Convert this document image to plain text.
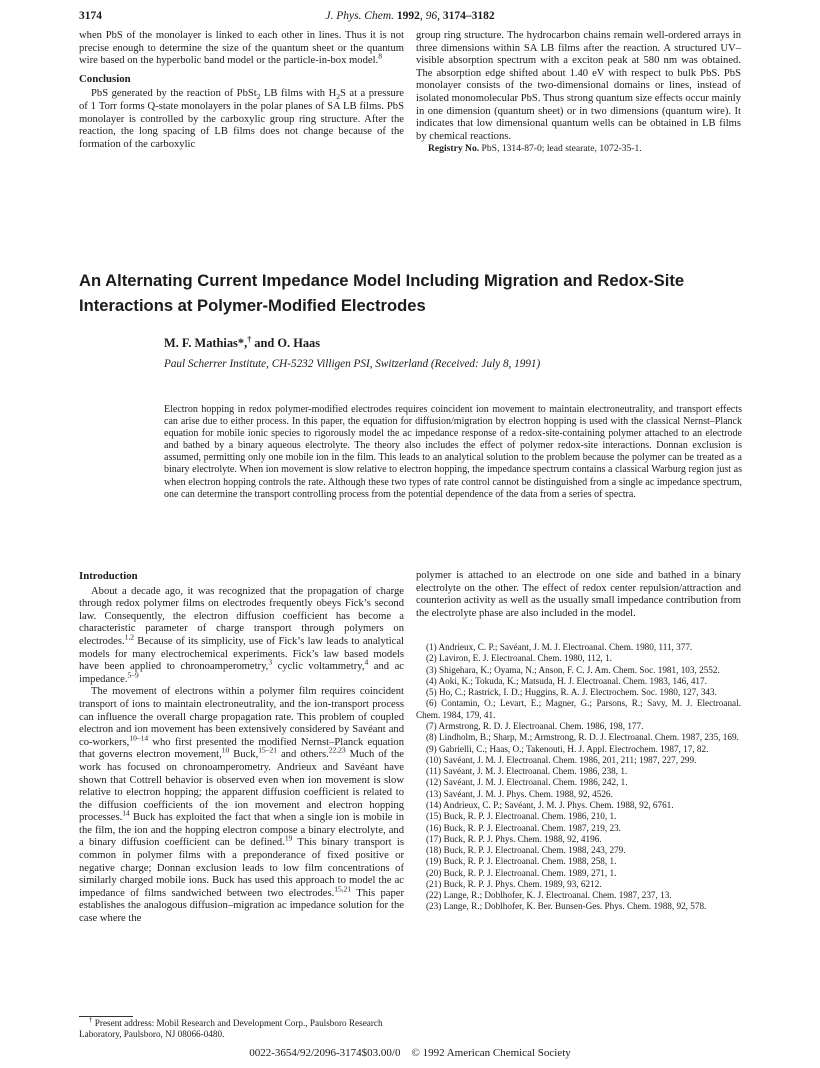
3174	J. Phys. Chem. 1992, 96, 3174–3182

when PbS of the monolayer is linked to each other in lines. Thus it is not precise enough to determine the size of the quantum sheet or the quantum wire based on the hyperbolic band model or the particle-in-box model.$^8$

Conclusion

PbS generated by the reaction of PbSt$_2$ LB films with $H_2S$ at a pressure of 1 Torr forms Q-state monolayers in the polar planes of SA LB films. PbS monolayer is controlled by the carboxylic group ring structure. After the reaction, the long spacing of LB films does not change because of the formation of the carboxylic

group ring structure. The hydrocarbon chains remain well-ordered arrays in three dimensions within SA LB films after the reaction. A structured UV–visible absorption spectrum with a exciton peak at 580 nm was obtained. The absorption edge shifted about 1.40 eV with respect to bulk PbS. PbS monolayer consists of the two-dimensional domains or lines, instead of isolated monomolecular PbS. Thus strong quantum size effects occur mainly in one dimension (quantum sheet) or in two dimensions (quantum wire). It indicates that low dimensional quantum wells can be obtained in LB films by chemical reactions.

Registry No. PbS, 1314-87-0; lead stearate, 1072-35-1.

An Alternating Current Impedance Model Including Migration and Redox-Site
Interactions at Polymer-Modified Electrodes
M. F. Mathias*,† and O. Haas
Paul Scherrer Institute, CH-5232 Villigen PSI, Switzerland (Received: July 8, 1991)

Electron hopping in redox polymer-modified electrodes requires coincident ion movement to maintain electroneutrality, and transport effects can arise due to either process. In this paper, the equation for diffusion/migration by electron hopping is used with the classical Nernst–Planck equation for mobile ionic species to rigorously model the ac impedance response of a redox-site-containing polymer attached to an electrode and bathed by a binary aqueous electrolyte. The theory also includes the effect of polymer redox-site interactions. Donnan exclusion is assumed, permitting only one mobile ion in the film. This leads to an analytical solution to the problem because the polymer can be treated as a binary electrolyte. When ion movement is slow relative to electron hopping, the impedance spectrum contains a classical Warburg region just as when electron hopping controls the rate. Although these two types of rate control cannot be distinguished from a single ac impedance spectrum, one can determine the transport controlling process from the potential dependence of the data from a series of spectra.

Introduction

About a decade ago, it was recognized that the propagation of charge through redox polymer films on electrodes frequently obeys Fick’s second law. Consequently, the electron diffusion coefficient has become a characteristic parameter of charge transport through polymers on electrodes.$^{1,2}$ Because of its simplicity, use of Fick’s law leads to analytical models for many electrochemical experiments. Fick’s law based models have been applied to chronoamperometry,$^3$ cyclic voltammetry,$^4$ and ac impedance.$^{5-9}$

The movement of electrons within a polymer film requires coincident transport of ions to maintain electroneutrality, and the ion-transport process can influence the overall charge propagation rate. This problem of coupled electron and ion movement has been extensively considered by Savéant and co-workers,$^{10-14}$ who first presented the modified Nernst–Planck equation that governs electron movement,$^{10}$ Buck,$^{15-21}$ and others.$^{22,23}$ Much of the work has focused on chronoamperometry. Andrieux and Savéant have shown that Cottrell behavior is observed even when ion movement is slow relative to electron hopping; the apparent diffusion coefficient is related to the diffusion coefficients of the ion movement and electron hopping processes.$^{14}$ Buck has exploited the fact that when a single ion is mobile in the film, the ion and the hopping electron compose a binary electrolyte, and a binary diffusion coefficient can be defined.$^{19}$ This binary transport is common in polymer films with a preponderance of fixed positive or negative charge; Donnan exclusion leads to low film concentrations of similarly charged mobile ions. Buck has used this approach to model the ac impedance of films sandwiched between two electrodes.$^{15,21}$ This paper establishes the analogous diffusion–migration ac impedance solution for the case where the

polymer is attached to an electrode on one side and bathed in a binary electrolyte on the other. The effect of redox center repulsion/attraction and counterion activity as well as the usually small impedance contribution from the electrolyte phase are also included in the model.

(1) Andrieux, C. P.; Savéant, J. M. J. Electroanal. Chem. 1980, 111, 377.
(2) Laviron, E. J. Electroanal. Chem. 1980, 112, 1.
(3) Shigehara, K.; Oyama, N.; Anson, F. C. J. Am. Chem. Soc. 1981, 103, 2552.
(4) Aoki, K.; Tokuda, K.; Matsuda, H. J. Electroanal. Chem. 1983, 146, 417.
(5) Ho, C.; Rastrick, I. D.; Huggins, R. A. J. Electrochem. Soc. 1980, 127, 343.
(6) Contamin, O.; Levart, E.; Magner, G.; Parsons, R.; Savy, M. J. Electroanal. Chem. 1984, 179, 41.
(7) Armstrong, R. D. J. Electroanal. Chem. 1986, 198, 177.
(8) Lindholm, B.; Sharp, M.; Armstrong, R. D. J. Electroanal. Chem. 1987, 235, 169.
(9) Gabrielli, C.; Haas, O.; Takenouti, H. J. Appl. Electrochem. 1987, 17, 82.
(10) Savéant, J. M. J. Electroanal. Chem. 1986, 201, 211; 1987, 227, 299.
(11) Savéant, J. M. J. Electroanal. Chem. 1986, 238, 1.
(12) Savéant, J. M. J. Electroanal. Chem. 1986, 242, 1.
(13) Savéant, J. M. J. Phys. Chem. 1988, 92, 4526.
(14) Andrieux, C. P.; Savéant, J. M. J. Phys. Chem. 1988, 92, 6761.
(15) Buck, R. P. J. Electroanal. Chem. 1986, 210, 1.
(16) Buck, R. P. J. Electroanal. Chem. 1987, 219, 23.
(17) Buck, R. P. J. Phys. Chem. 1988, 92, 4196.
(18) Buck, R. P. J. Electroanal. Chem. 1988, 243, 279.
(19) Buck, R. P. J. Electroanal. Chem. 1988, 258, 1.
(20) Buck, R. P. J. Electroanal. Chem. 1989, 271, 1.
(21) Buck, R. P. J. Phys. Chem. 1989, 93, 6212.
(22) Lange, R.; Doblhofer, K. J. Electroanal. Chem. 1987, 237, 13.
(23) Lange, R.; Doblhofer, K. Ber. Bunsen-Ges. Phys. Chem. 1988, 92, 578.

† Present address: Mobil Research and Development Corp., Paulsboro Research Laboratory, Paulsboro, NJ 08066-0480.

0022-3654/92/2096-3174$03.00/0 © 1992 American Chemical Society
